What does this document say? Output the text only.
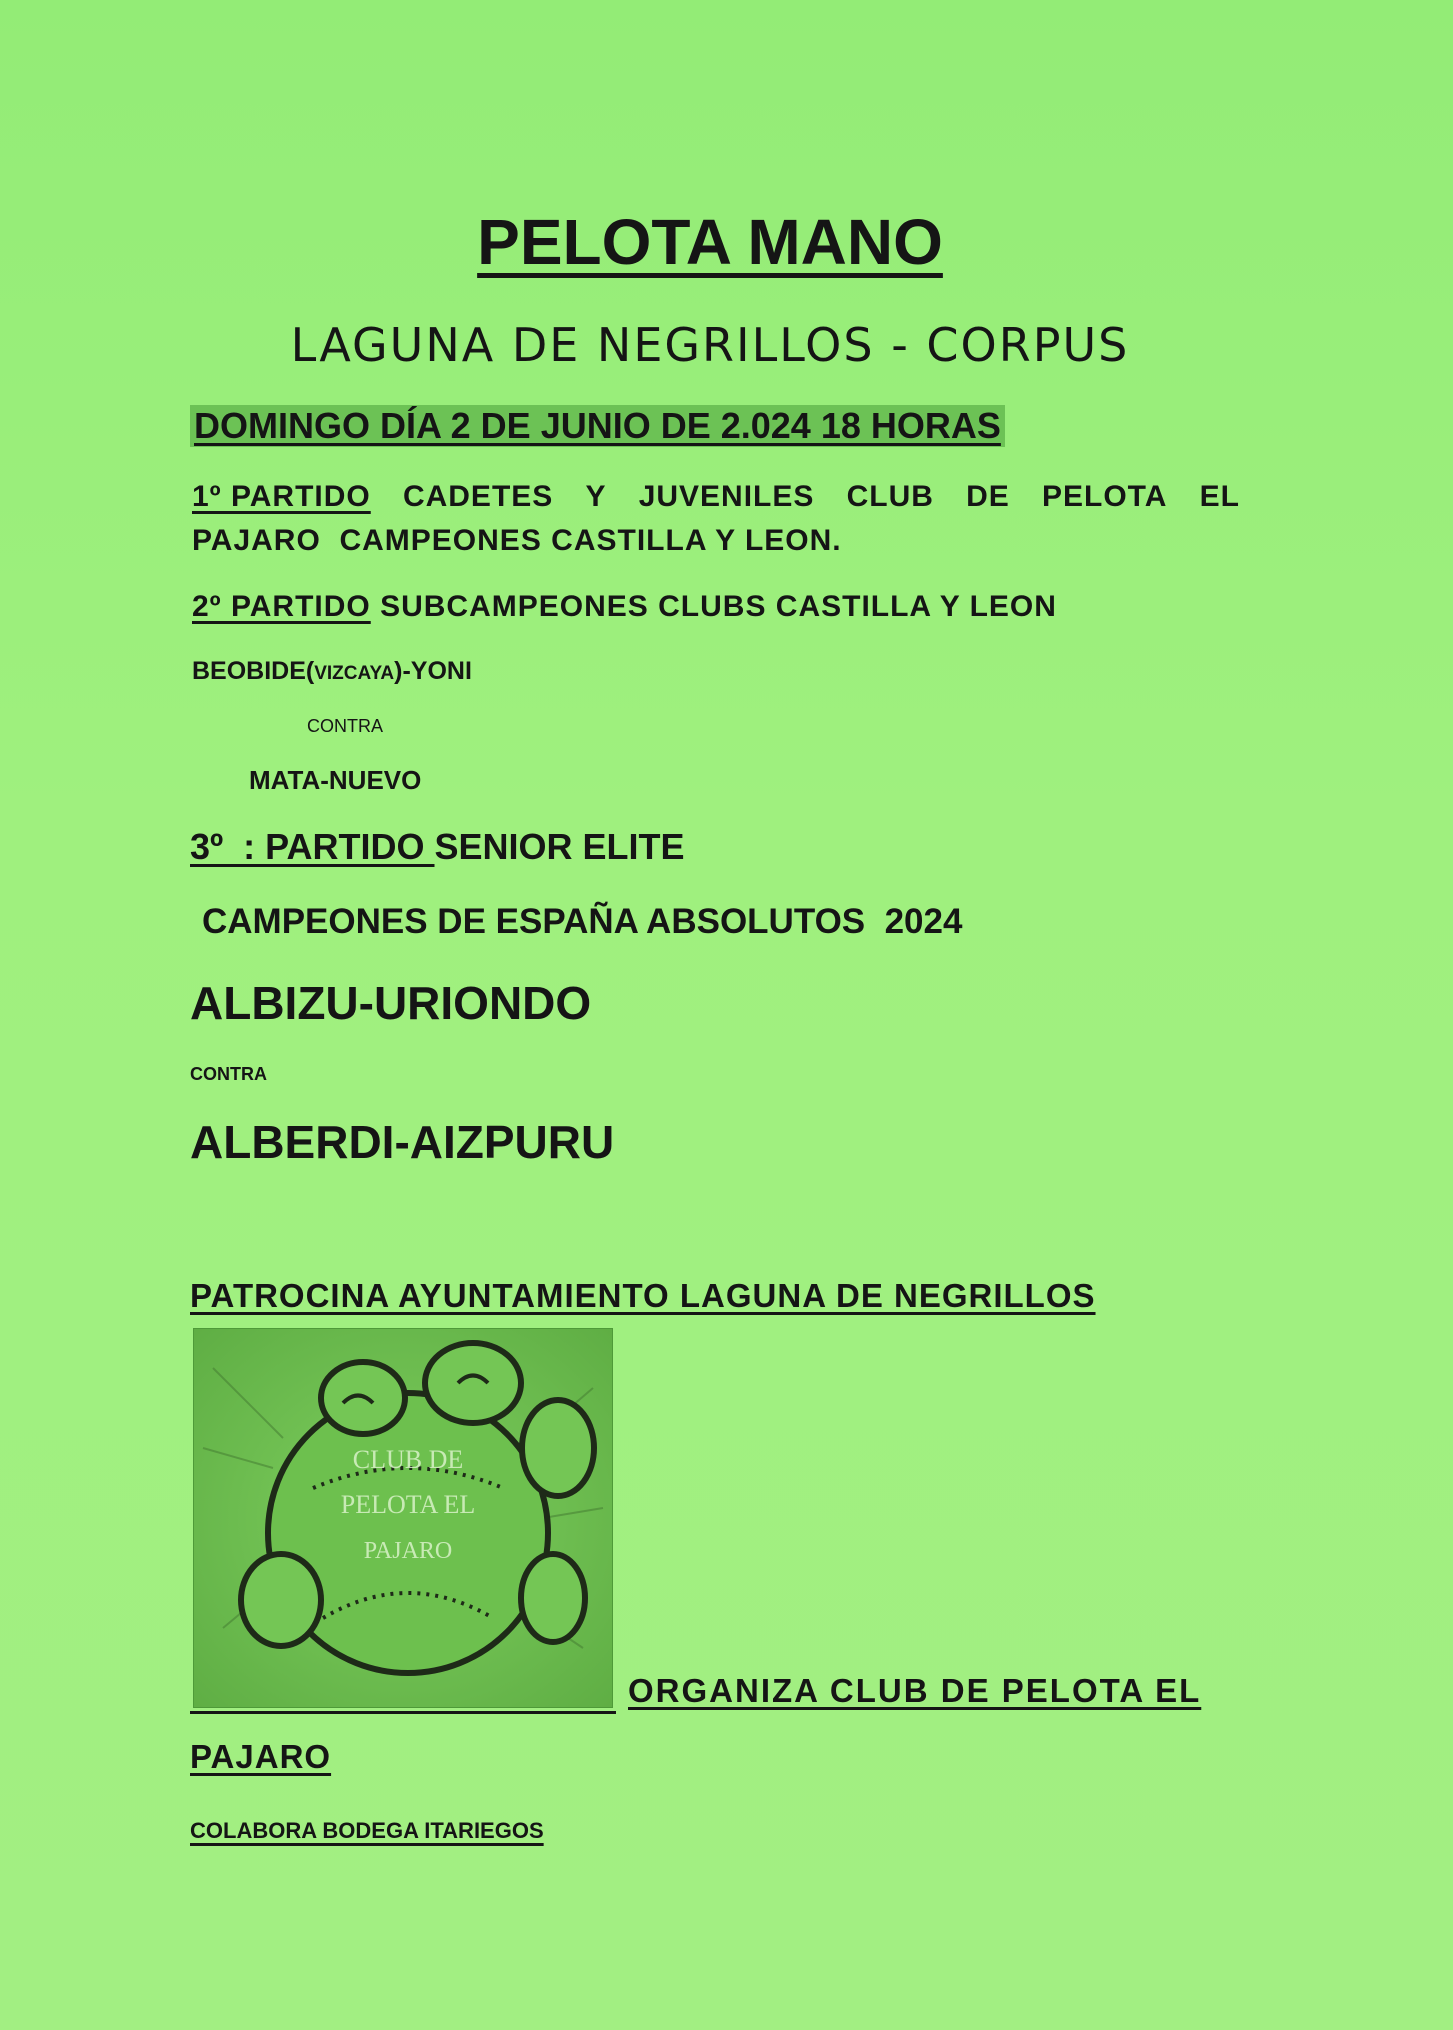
PELOTA MANO
LAGUNA DE NEGRILLOS - CORPUS
DOMINGO DÍA 2 DE JUNIO DE 2.024 18 HORAS
1º PARTIDO CADETES Y JUVENILES CLUB DE PELOTA EL
PAJARO  CAMPEONES CASTILLA Y LEON.
2º PARTIDO SUBCAMPEONES CLUBS CASTILLA Y LEON
BEOBIDE(VIZCAYA)-YONI
CONTRA
MATA-NUEVO
3º  : PARTIDO SENIOR ELITE
CAMPEONES DE ESPAÑA ABSOLUTOS  2024
ALBIZU-URIONDO
CONTRA
ALBERDI-AIZPURU
PATROCINA AYUNTAMIENTO LAGUNA DE NEGRILLOS
CLUB DE
PELOTA EL
PAJARO
ORGANIZA CLUB DE PELOTA EL
PAJARO
COLABORA BODEGA ITARIEGOS
